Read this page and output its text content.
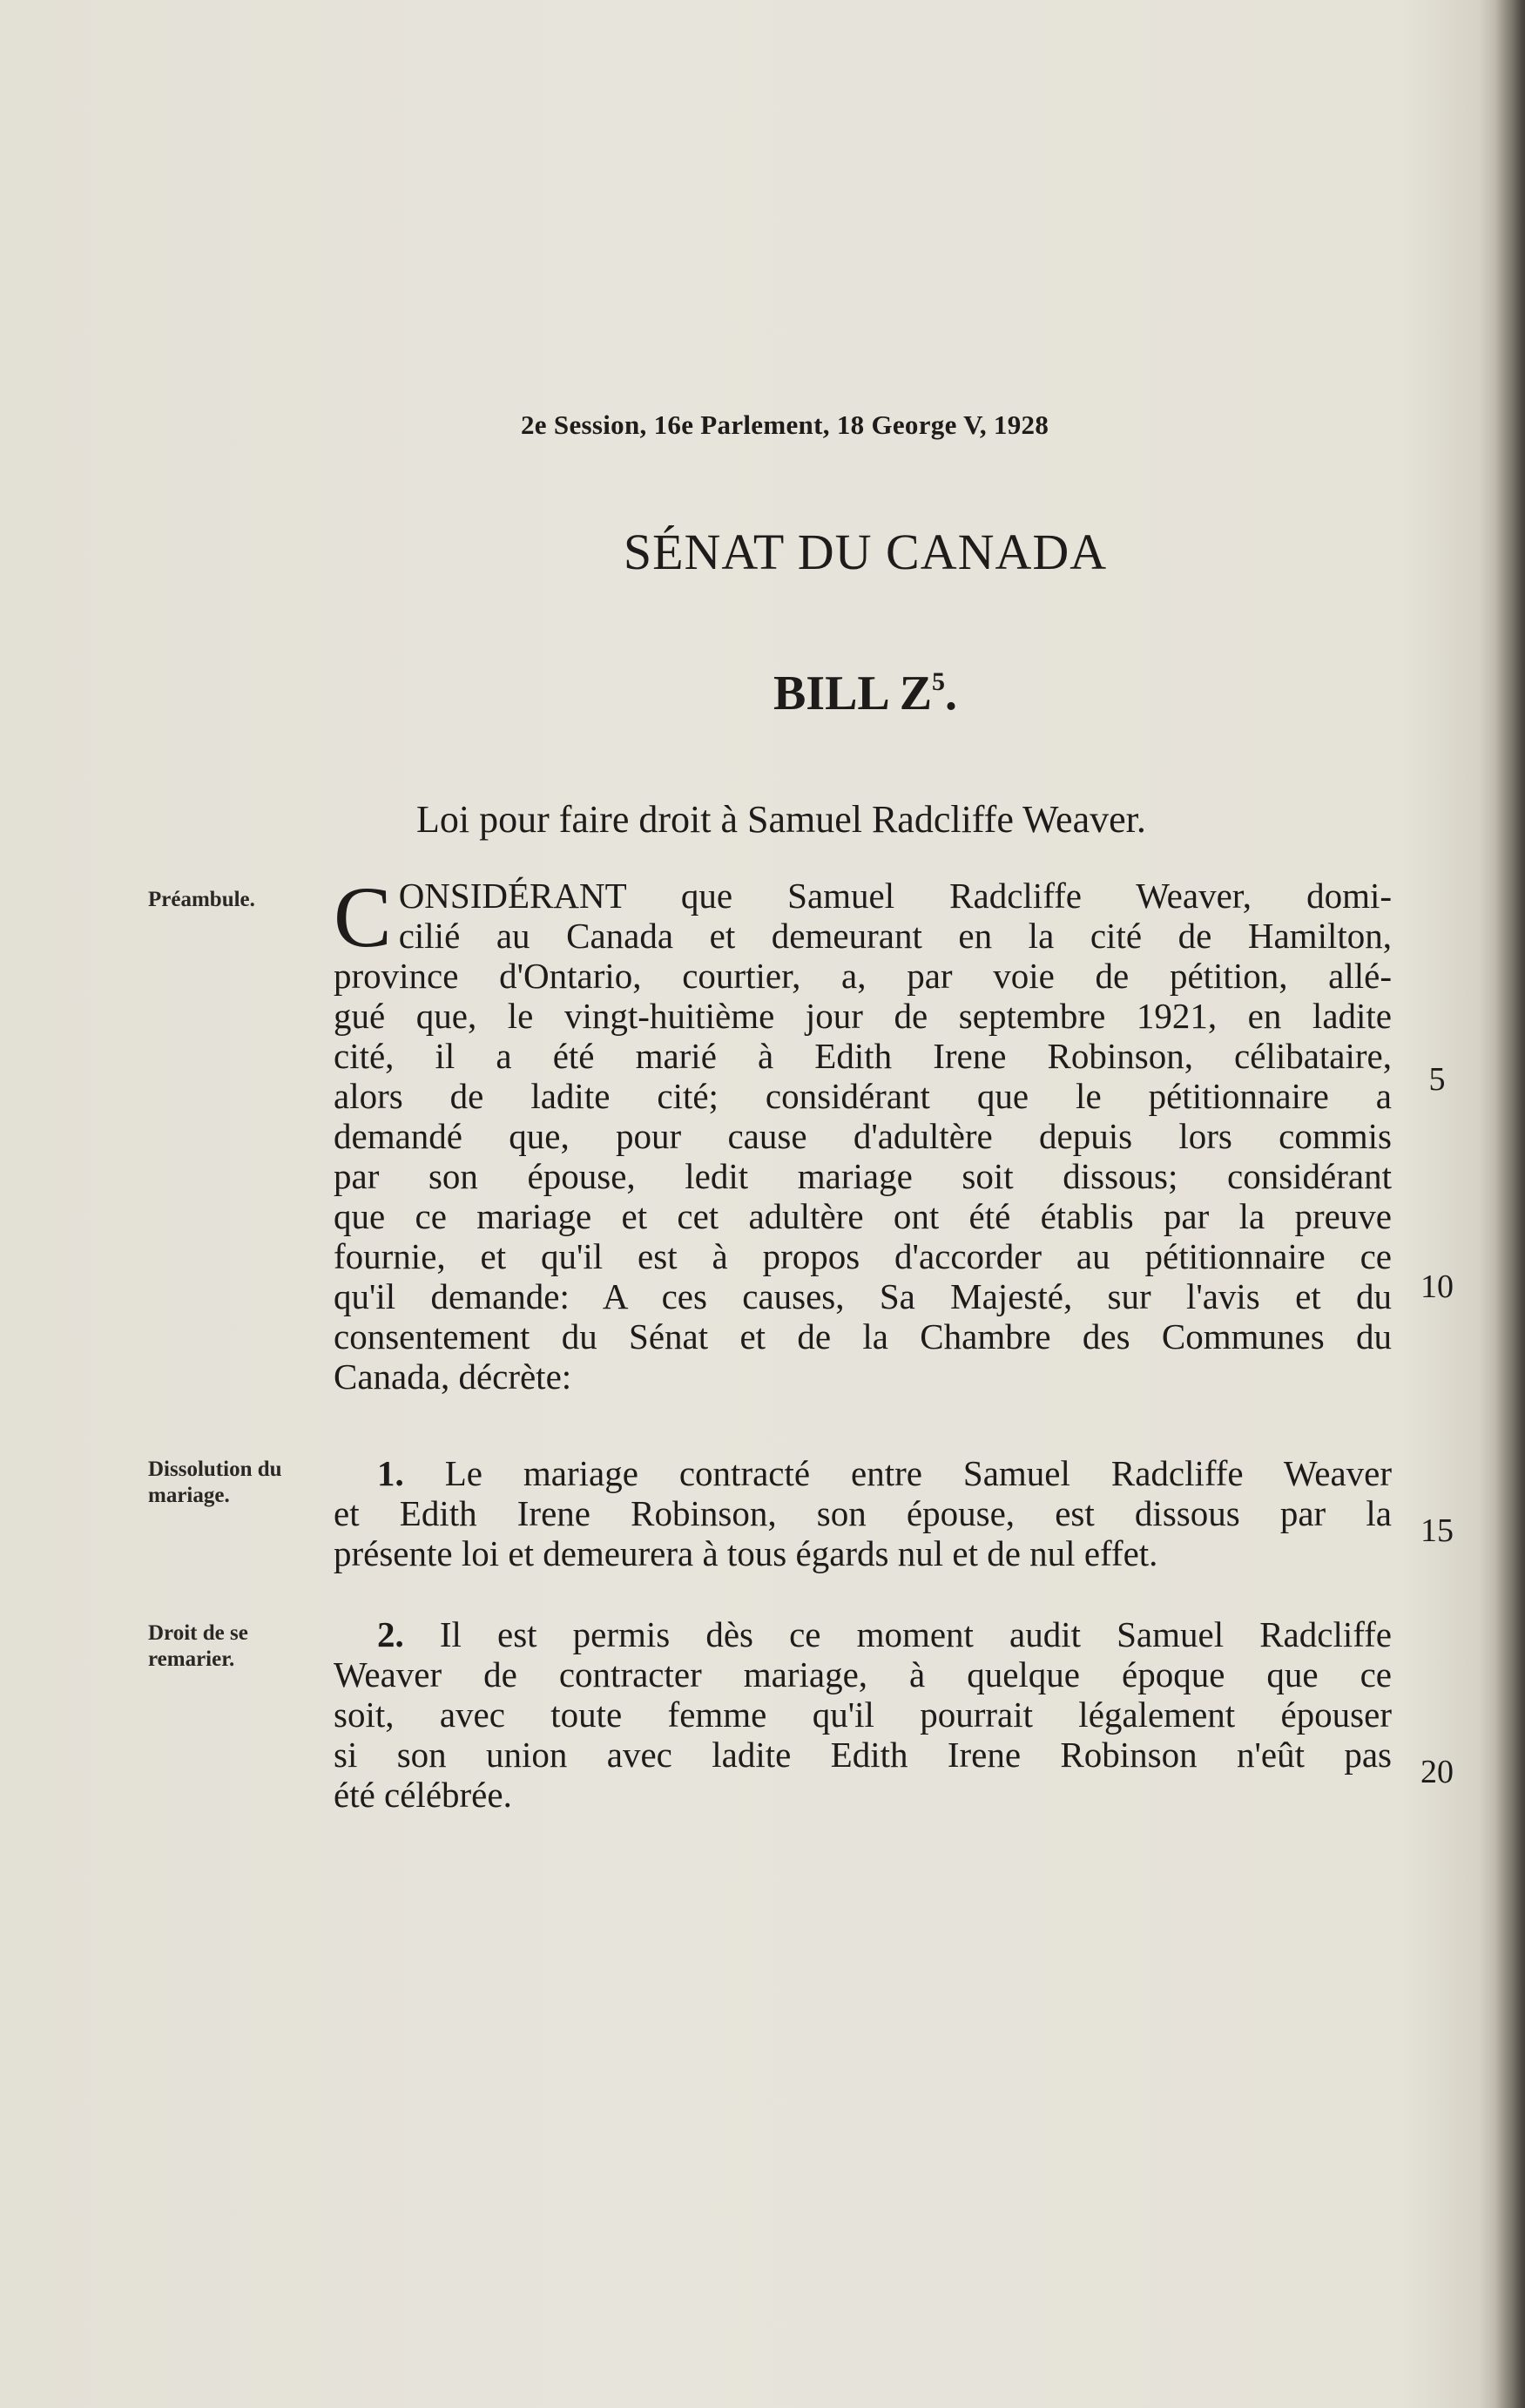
2e Session, 16e Parlement, 18 George V, 1928
SÉNAT DU CANADA
BILL $Z^5$.
Loi pour faire droit à Samuel Radcliffe Weaver.
Préambule.
Dissolution du mariage.
Droit de se remarier.
C ONSIDÉRANT que Samuel Radcliffe Weaver, domi-
cilié au Canada et demeurant en la cité de Hamilton,
province d'Ontario, courtier, a, par voie de pétition, allé-
gué que, le vingt-huitième jour de septembre 1921, en ladite
cité, il a été marié à Edith Irene Robinson, célibataire,
alors de ladite cité; considérant que le pétitionnaire a
demandé que, pour cause d'adultère depuis lors commis
par son épouse, ledit mariage soit dissous; considérant
que ce mariage et cet adultère ont été établis par la preuve
fournie, et qu'il est à propos d'accorder au pétitionnaire ce
qu'il demande: A ces causes, Sa Majesté, sur l'avis et du
consentement du Sénat et de la Chambre des Communes du
Canada, décrète:
1. Le mariage contracté entre Samuel Radcliffe Weaver
et Edith Irene Robinson, son épouse, est dissous par la
présente loi et demeurera à tous égards nul et de nul effet.
2. Il est permis dès ce moment audit Samuel Radcliffe
Weaver de contracter mariage, à quelque époque que ce
soit, avec toute femme qu'il pourrait légalement épouser
si son union avec ladite Edith Irene Robinson n'eût pas
été célébrée.
5
10
15
20
